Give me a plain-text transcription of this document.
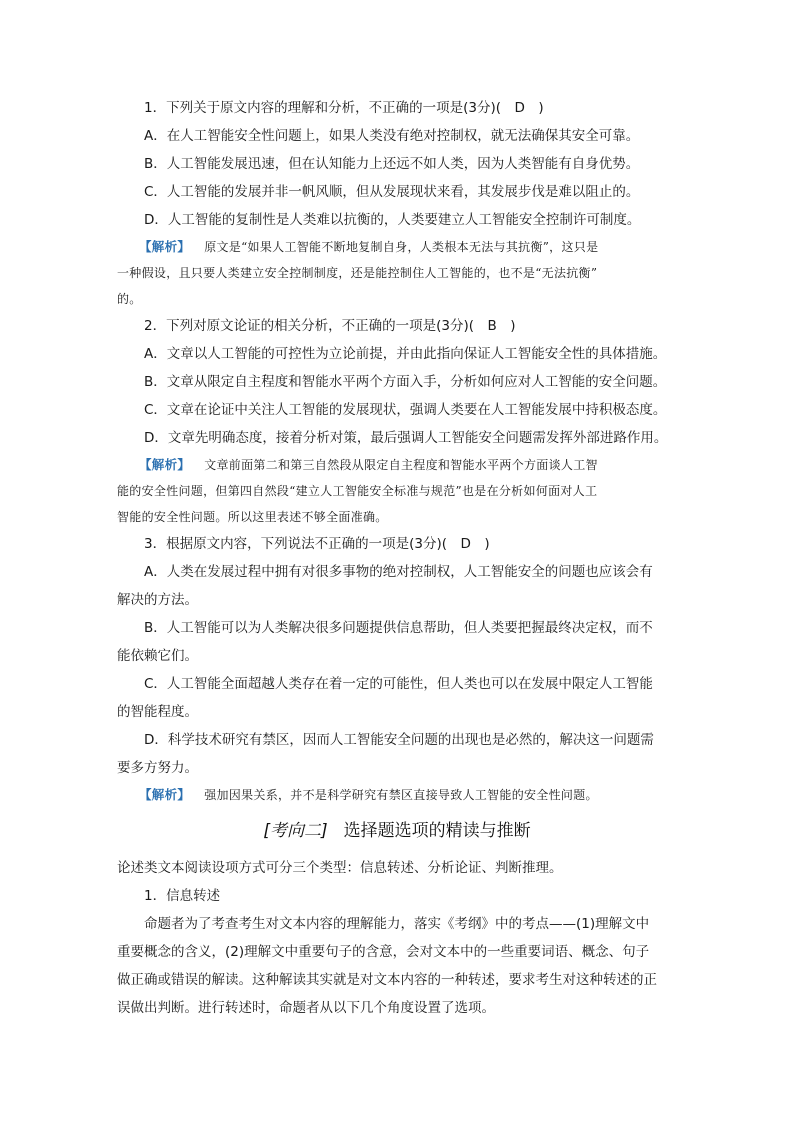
1．下列关于原文内容的理解和分析，不正确的一项是(3分)(　D　)

A．在人工智能安全性问题上，如果人类没有绝对控制权，就无法确保其安全可靠。

B．人工智能发展迅速，但在认知能力上还远不如人类，因为人类智能有自身优势。

C．人工智能的发展并非一帆风顺，但从发展现状来看，其发展步伐是难以阻止的。

D．人工智能的复制性是人类难以抗衡的，人类要建立人工智能安全控制许可制度。

【解析】 原文是“如果人工智能不断地复制自身，人类根本无法与其抗衡”，这只是

一种假设，且只要人类建立安全控制制度，还是能控制住人工智能的，也不是“无法抗衡”

的。

2．下列对原文论证的相关分析，不正确的一项是(3分)(　B　)

A．文章以人工智能的可控性为立论前提，并由此指向保证人工智能安全性的具体措施。

B．文章从限定自主程度和智能水平两个方面入手，分析如何应对人工智能的安全问题。

C．文章在论证中关注人工智能的发展现状，强调人类要在人工智能发展中持积极态度。

D．文章先明确态度，接着分析对策，最后强调人工智能安全问题需发挥外部进路作用。

【解析】 文章前面第二和第三自然段从限定自主程度和智能水平两个方面谈人工智

能的安全性问题，但第四自然段“建立人工智能安全标准与规范”也是在分析如何面对人工

智能的安全性问题。所以这里表述不够全面准确。

3．根据原文内容，下列说法不正确的一项是(3分)(　D　)

A．人类在发展过程中拥有对很多事物的绝对控制权，人工智能安全的问题也应该会有

解决的方法。

B．人工智能可以为人类解决很多问题提供信息帮助，但人类要把握最终决定权，而不

能依赖它们。

C．人工智能全面超越人类存在着一定的可能性，但人类也可以在发展中限定人工智能

的智能程度。

D．科学技术研究有禁区，因而人工智能安全问题的出现也是必然的，解决这一问题需

要多方努力。

【解析】 强加因果关系，并不是科学研究有禁区直接导致人工智能的安全性问题。

[考向二] 选择题选项的精读与推断

论述类文本阅读设项方式可分三个类型：信息转述、分析论证、判断推理。

1．信息转述

命题者为了考查考生对文本内容的理解能力，落实《考纲》中的考点——(1)理解文中

重要概念的含义，(2)理解文中重要句子的含意，会对文本中的一些重要词语、概念、句子

做正确或错误的解读。这种解读其实就是对文本内容的一种转述，要求考生对这种转述的正

误做出判断。进行转述时，命题者从以下几个角度设置了选项。
